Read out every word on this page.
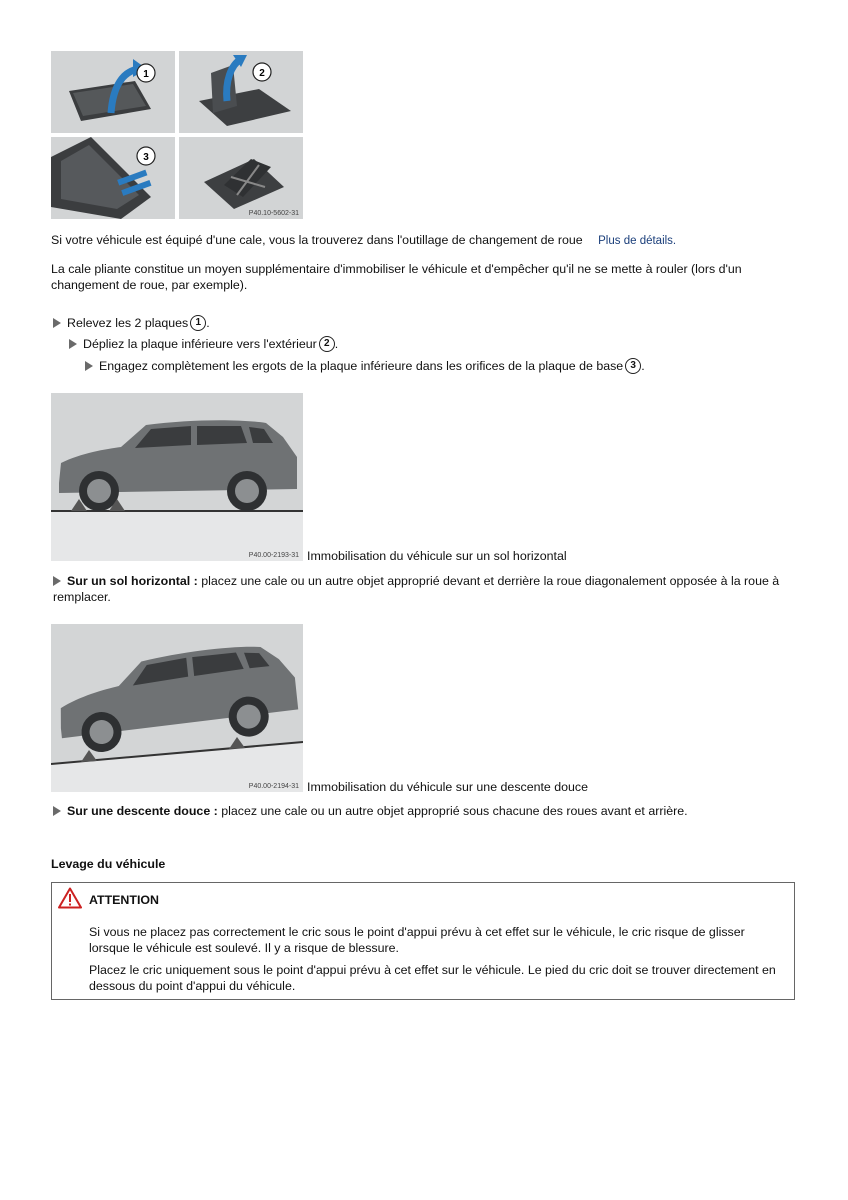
1	2
3
P40.10-5602-31
Si votre véhicule est équipé d'une cale, vous la trouverez dans l'outillage de changement de roue Plus de détails.
La cale pliante constitue un moyen supplémentaire d'immobiliser le véhicule et d'empêcher qu'il ne se mette à rouler (lors d'un changement de roue, par exemple).
Relevez les 2 plaques 1 .
Dépliez la plaque inférieure vers l'extérieur 2 .
Engagez complètement les ergots de la plaque inférieure dans les orifices de la plaque de base 3 .
P40.00-2193-31 Immobilisation du véhicule sur un sol horizontal
Sur un sol horizontal : placez une cale ou un autre objet approprié devant et derrière la roue diagonalement opposée à la roue à remplacer.
P40.00-2194-31 Immobilisation du véhicule sur une descente douce
Sur une descente douce : placez une cale ou un autre objet approprié sous chacune des roues avant et arrière.
Levage du véhicule
ATTENTION
Si vous ne placez pas correctement le cric sous le point d'appui prévu à cet effet sur le véhicule, le cric risque de glisser lorsque le véhicule est soulevé. Il y a risque de blessure.
Placez le cric uniquement sous le point d'appui prévu à cet effet sur le véhicule. Le pied du cric doit se trouver directement en dessous du point d'appui du véhicule.
